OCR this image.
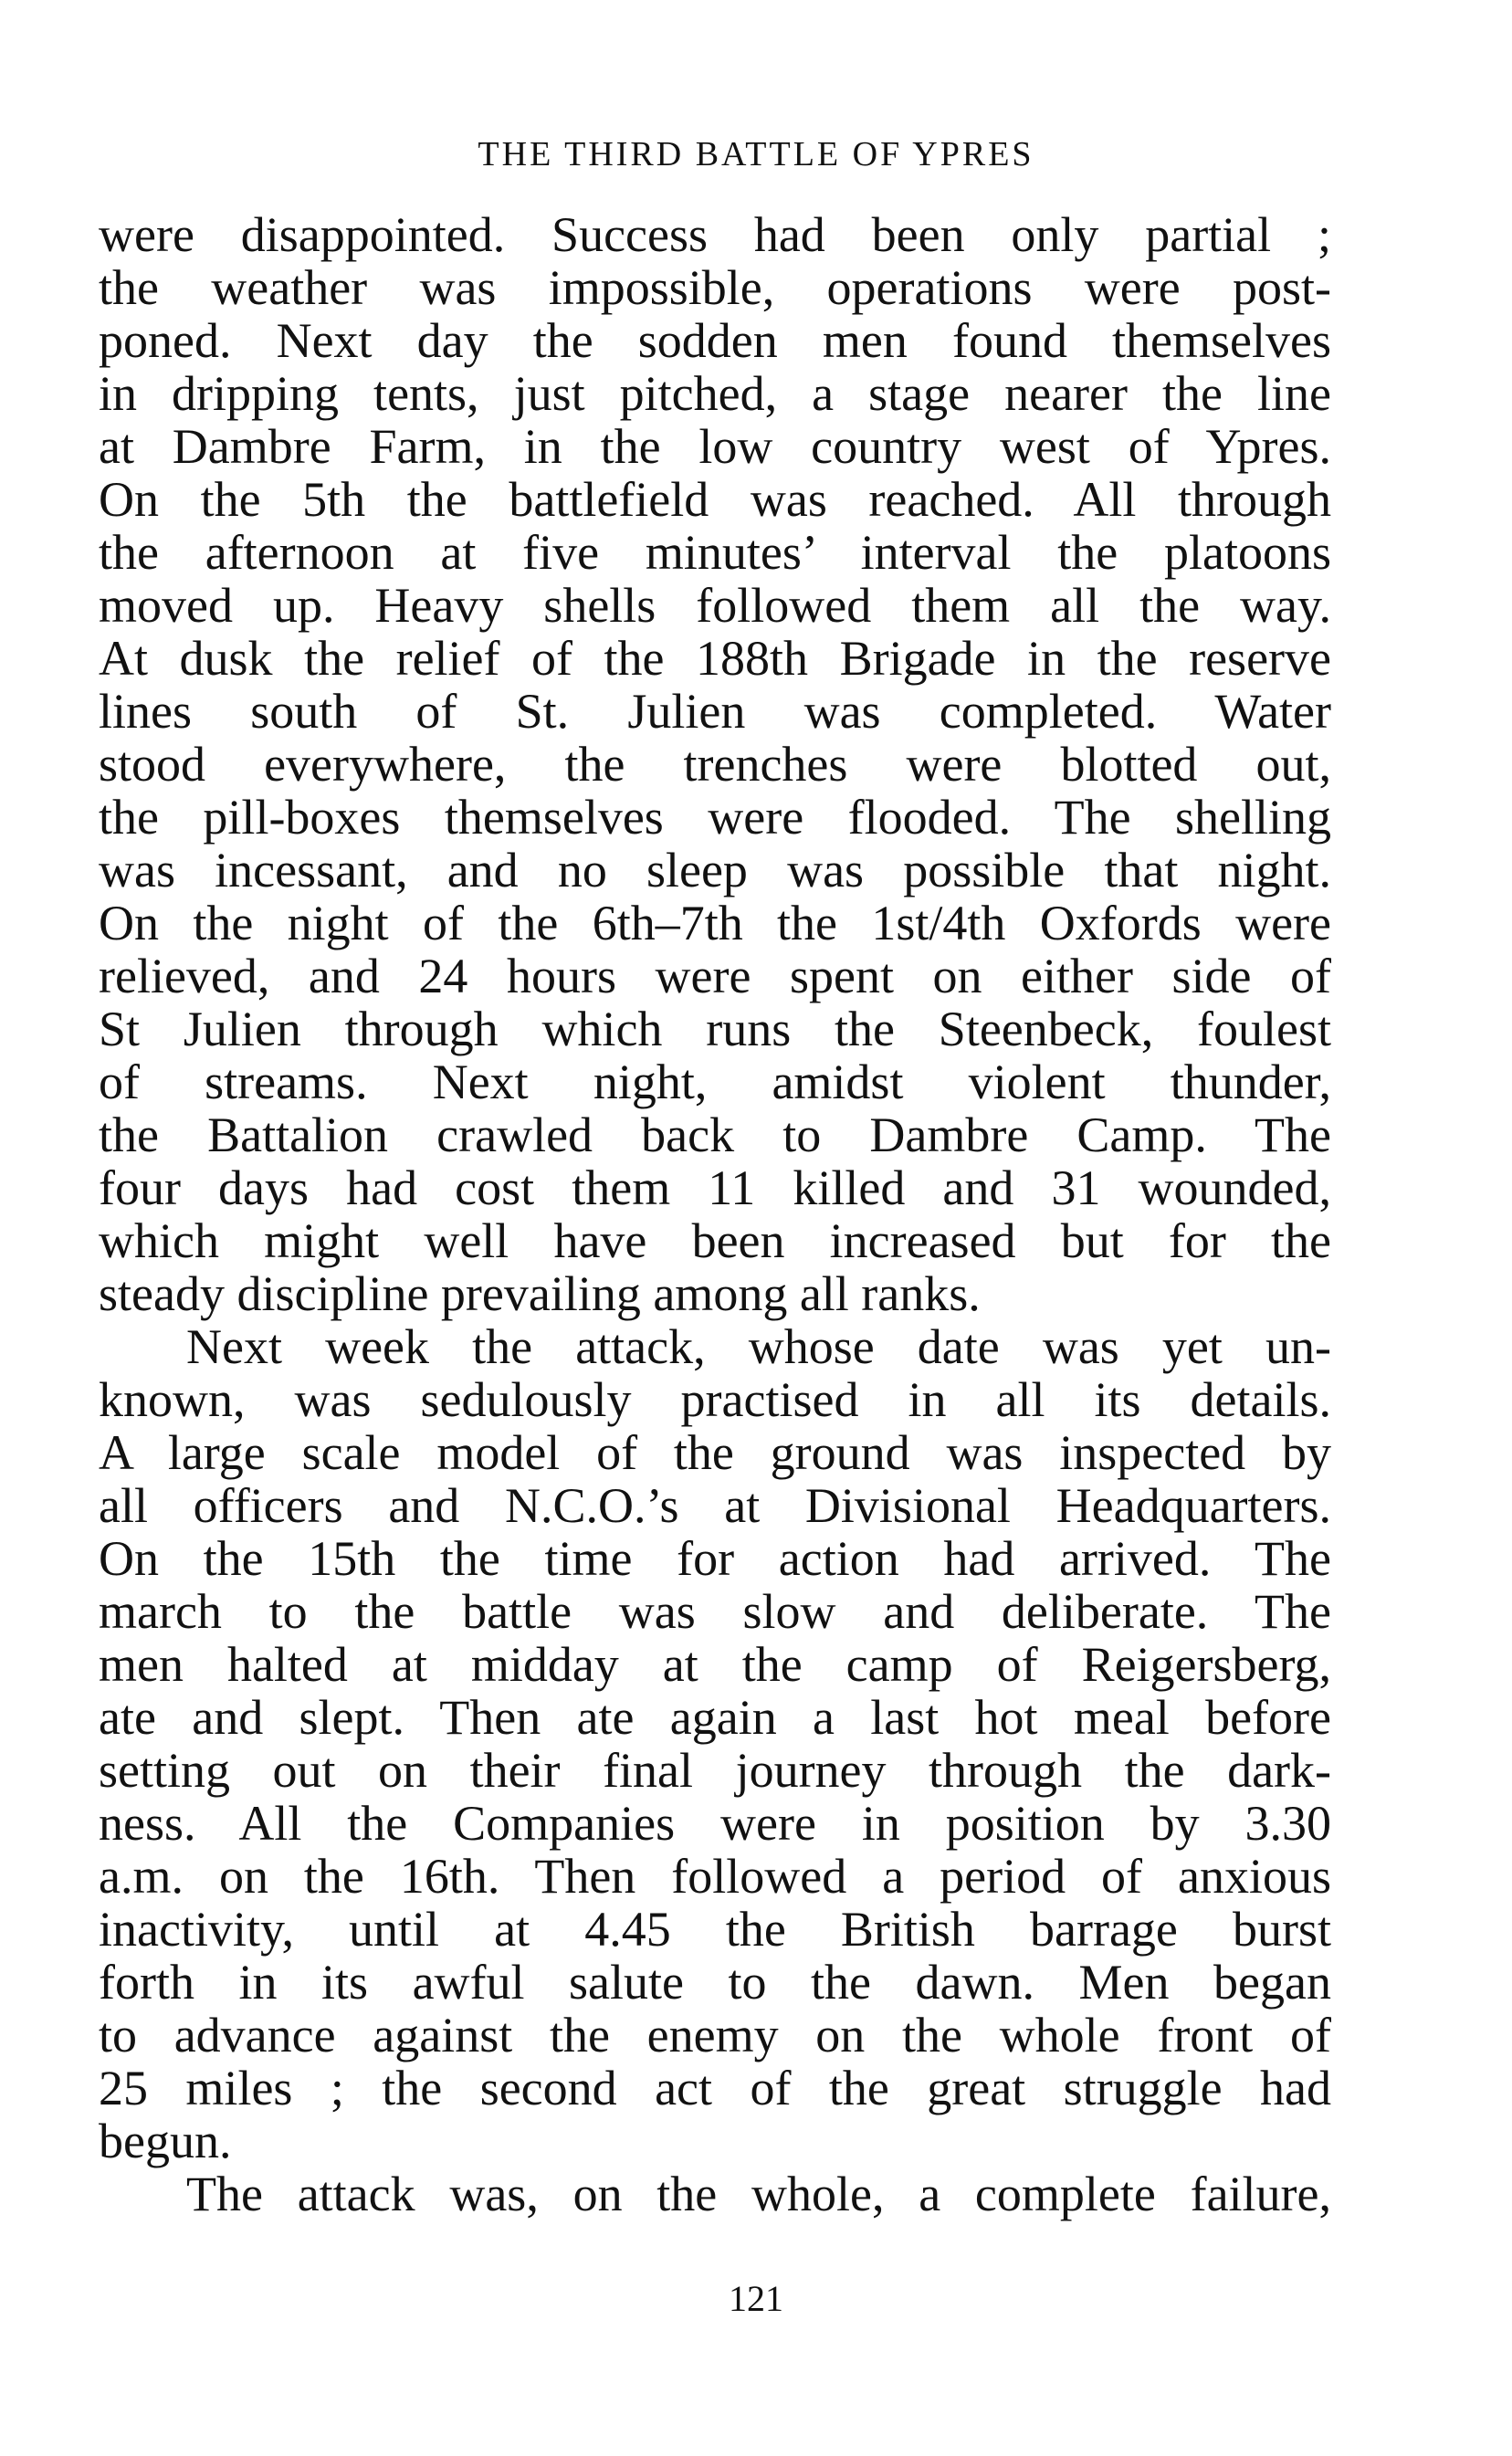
THE THIRD BATTLE OF YPRES
were disappointed. Success had been only partial ;
the weather was impossible, operations were post-
poned. Next day the sodden men found themselves
in dripping tents, just pitched, a stage nearer the line
at Dambre Farm, in the low country west of Ypres.
On the 5th the battlefield was reached. All through
the afternoon at five minutes’ interval the platoons
moved up. Heavy shells followed them all the way.
At dusk the relief of the 188th Brigade in the reserve
lines south of St. Julien was completed. Water
stood everywhere, the trenches were blotted out,
the pill-boxes themselves were flooded. The shelling
was incessant, and no sleep was possible that night.
On the night of the 6th–7th the 1st/4th Oxfords were
relieved, and 24 hours were spent on either side of
St Julien through which runs the Steenbeck, foulest
of streams. Next night, amidst violent thunder,
the Battalion crawled back to Dambre Camp. The
four days had cost them 11 killed and 31 wounded,
which might well have been increased but for the
steady discipline prevailing among all ranks.
Next week the attack, whose date was yet un-
known, was sedulously practised in all its details.
A large scale model of the ground was inspected by
all officers and N.C.O.’s at Divisional Headquarters.
On the 15th the time for action had arrived. The
march to the battle was slow and deliberate. The
men halted at midday at the camp of Reigersberg,
ate and slept. Then ate again a last hot meal before
setting out on their final journey through the dark-
ness. All the Companies were in position by 3.30
a.m. on the 16th. Then followed a period of anxious
inactivity, until at 4.45 the British barrage burst
forth in its awful salute to the dawn. Men began
to advance against the enemy on the whole front of
25 miles ; the second act of the great struggle had
begun.
The attack was, on the whole, a complete failure,
121
